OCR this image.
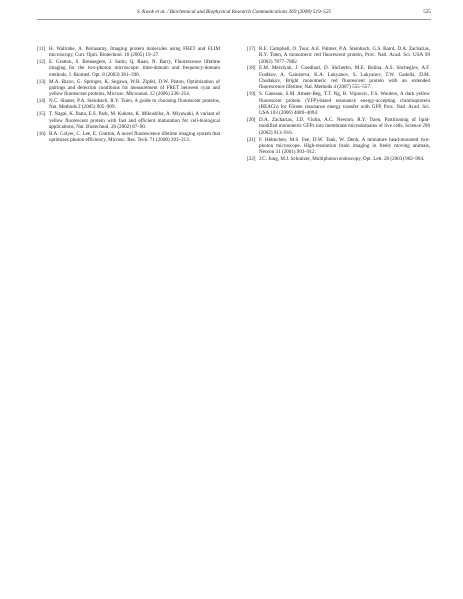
S. Kwok et al. / Biochemical and Biophysical Research Communications 369 (2008) 519–525	525
[11] H. Wallrabe, A. Periasamy, Imaging protein molecules using FRET and FLIM microscopy, Curr. Opin. Biotechnol. 16 (2005) 19–27.
[12] E. Gratton, S. Breusegem, J. Sutin, Q. Ruan, N. Barry, Fluorescence lifetime imaging for the two-photon microscope: time-domain and frequency-domain methods, J. Biomed. Opt. 8 (2003) 381–390.
[13] M.A. Rizzo, G. Springer, K. Segawa, W.R. Zipfel, D.W. Piston, Optimization of pairings and detection conditions for measurement of FRET between cyan and yellow fluorescent proteins, Microsc. Microanal. 12 (2006) 238–254.
[14] N.C. Shaner, P.A. Steinbach, R.Y. Tsien, A guide to choosing fluorescent proteins, Nat. Methods 2 (2005) 905–909.
[15] T. Nagai, K. Ibata, E.S. Park, M. Kubota, K. Mikoshiba, A. Miyawaki, A variant of yellow fluorescent protein with fast and efficient maturation for cell-biological applications, Nat. Biotechnol. 20 (2002) 87–90.
[16] R.A. Colyer, C. Lee, E. Gratton, A novel fluorescence lifetime imaging system that optimizes photon efficiency, Microsc. Res. Tech. 71 (2008) 201–213.
[17] R.E. Campbell, O. Tour, A.E. Palmer, P.A. Steinbach, G.S. Baird, D.A. Zacharias, R.Y. Tsien, A monomeric red fluorescent protein, Proc. Natl. Acad. Sci. USA 99 (2002) 7877–7882.
[18] E.M. Merzlyak, J. Goedhart, D. Shcherbo, M.E. Bulina, A.S. Shcheglov, A.F. Fradkov, A. Gaintzeva, K.A. Lukyanov, S. Lukyanov, T.W. Gadella, D.M. Chudakov, Bright monomeric red fluorescent protein with an extended fluorescence lifetime, Nat. Methods 4 (2007) 555–557.
[19] S. Ganesan, S.M. Ameer-Beg, T.T. Ng, B. Vojnovic, F.S. Wouters, A dark yellow fluorescent protein (YFP)-based resonance energy-accepting chromoprotein (REACh) for Förster resonance energy transfer with GFP, Proc. Natl. Acad. Sci. USA 103 (2006) 4089–4094.
[20] D.A. Zacharias, J.D. Violin, A.C. Newton, R.Y. Tsien, Partitioning of lipid-modified monomeric GFPs into membrane microdomains of live cells, Science 296 (2002) 913–916.
[21] F. Helmchen, M.S. Fee, D.W. Tank, W. Denk, A miniature head-mounted two-photon microscope. High-resolution brain imaging in freely moving animals, Neuron 31 (2001) 903–912.
[22] J.C. Jung, M.J. Schnitzer, Multiphoton endoscopy, Opt. Lett. 28 (2003) 902–904.
